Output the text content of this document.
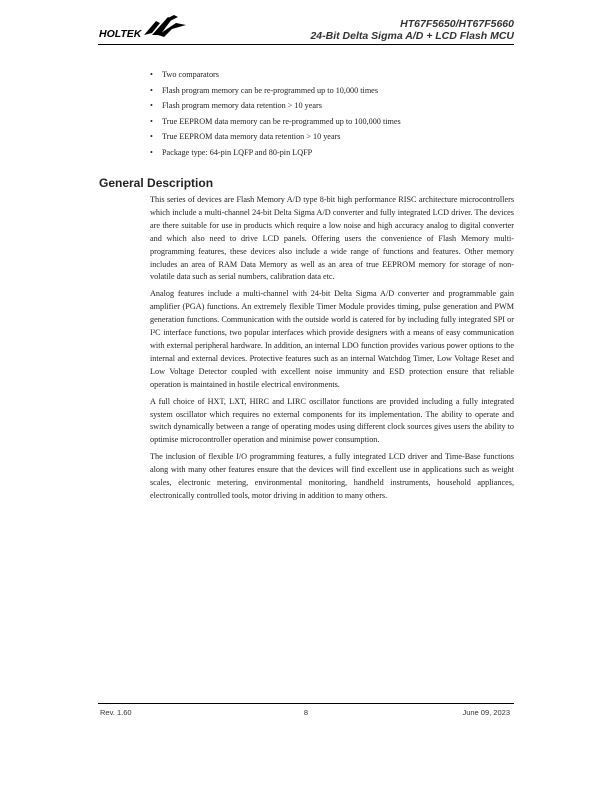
HOLTEK
HT67F5650/HT67F5660
24-Bit Delta Sigma A/D + LCD Flash MCU
• Two comparators
• Flash program memory can be re-programmed up to 10,000 times
• Flash program memory data retention > 10 years
• True EEPROM data memory can be re-programmed up to 100,000 times
• True EEPROM data memory data retention > 10 years
• Package type: 64-pin LQFP and 80-pin LQFP
General Description

This series of devices are Flash Memory A/D type 8-bit high performance RISC architecture microcontrollers which include a multi-channel 24-bit Delta Sigma A/D converter and fully integrated LCD driver. The devices are there suitable for use in products which require a low noise and high accuracy analog to digital converter and which also need to drive LCD panels. Offering users the convenience of Flash Memory multi-programming features, these devices also include a wide range of functions and features. Other memory includes an area of RAM Data Memory as well as an area of true EEPROM memory for storage of non-volatile data such as serial numbers, calibration data etc.

Analog features include a multi-channel with 24-bit Delta Sigma A/D converter and programmable gain amplifier (PGA) functions. An extremely flexible Timer Module provides timing, pulse generation and PWM generation functions. Communication with the outside world is catered for by including fully integrated SPI or I²C interface functions, two popular interfaces which provide designers with a means of easy communication with external peripheral hardware. In addition, an internal LDO function provides various power options to the internal and external devices. Protective features such as an internal Watchdog Timer, Low Voltage Reset and Low Voltage Detector coupled with excellent noise immunity and ESD protection ensure that reliable operation is maintained in hostile electrical environments.

A full choice of HXT, LXT, HIRC and LIRC oscillator functions are provided including a fully integrated system oscillator which requires no external components for its implementation. The ability to operate and switch dynamically between a range of operating modes using different clock sources gives users the ability to optimise microcontroller operation and minimise power consumption.

The inclusion of flexible I/O programming features, a fully integrated LCD driver and Time-Base functions along with many other features ensure that the devices will find excellent use in applications such as weight scales, electronic metering, environmental monitoring, handheld instruments, household appliances, electronically controlled tools, motor driving in addition to many others.

Rev. 1.60	8	June 09, 2023
